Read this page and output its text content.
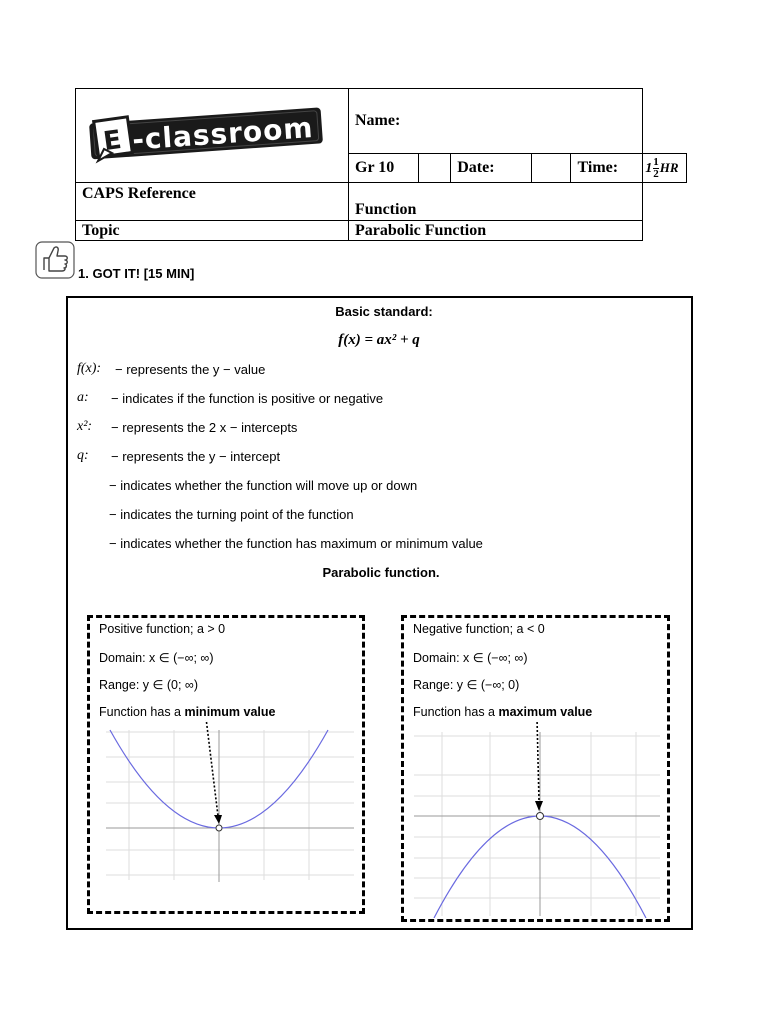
E -classroom	Name:					
	Gr 10		Date:		Time:	$1 \frac{1}{2}$ HR
CAPS Reference	Function					
Topic	Parabolic Function					
1. GOT IT! [15 MIN]
Basic standard:
f(x) = ax² + q
f(x): − represents the y − value
a: − indicates if the function is positive or negative
x²: − represents the 2 x − intercepts
q: − represents the y − intercept
− indicates whether the function will move up or down
− indicates the turning point of the function
− indicates whether the function has maximum or minimum value
Parabolic function.
Positive function; a > 0
Domain: x ∈ (−∞; ∞)
Range: y ∈ (0; ∞)
Function has a minimum value
Negative function; a < 0
Domain: x ∈ (−∞; ∞)
Range: y ∈ (−∞; 0)
Function has a maximum value
